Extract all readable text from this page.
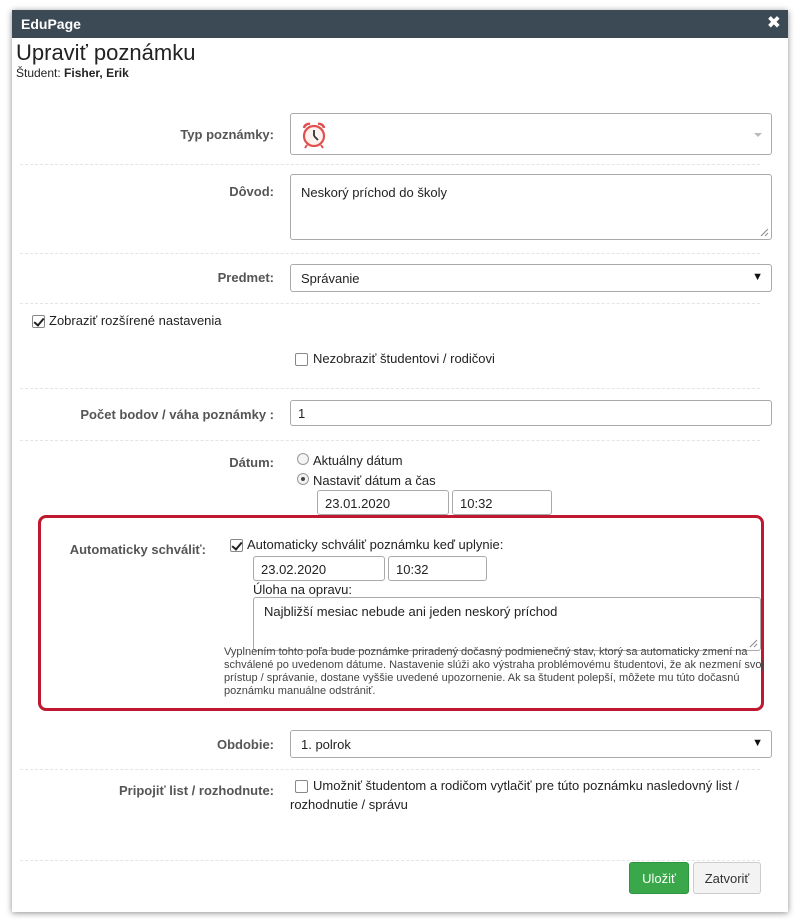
EduPage	✖
Upraviť poznámku
Študent: Fisher, Erik
Typ poznámky:
Dôvod: Neskorý príchod do školy
Predmet: Správanie	▼
Zobraziť rozšírené nastavenia
Nezobraziť študentovi / rodičovi
Počet bodov / váha poznámky : 1
Dátum:	Aktuálny dátum
Nastaviť dátum a čas
23.01.2020	10:32
Automaticky schváliť:	Automaticky schváliť poznámku keď uplynie:
23.02.2020	10:32
Úloha na opravu:
Najbližší mesiac nebude ani jeden neskorý príchod
Vyplnením tohto poľa bude poznámke priradený dočasný podmienečný stav, ktorý sa automaticky zmení na schválené po uvedenom dátume. Nastavenie slúži ako výstraha problémovému študentovi, že ak nezmení svoj prístup / správanie, dostane vyššie uvedené upozornenie. Ak sa študent polepší, môžete mu túto dočasnú poznámku manuálne odstrániť.
Obdobie: 1. polrok	▼
Pripojiť list / rozhodnute:	Umožniť študentom a rodičom vytlačiť pre túto poznámku nasledovný list /
rozhodnutie / správu
Uložiť	Zatvoriť
